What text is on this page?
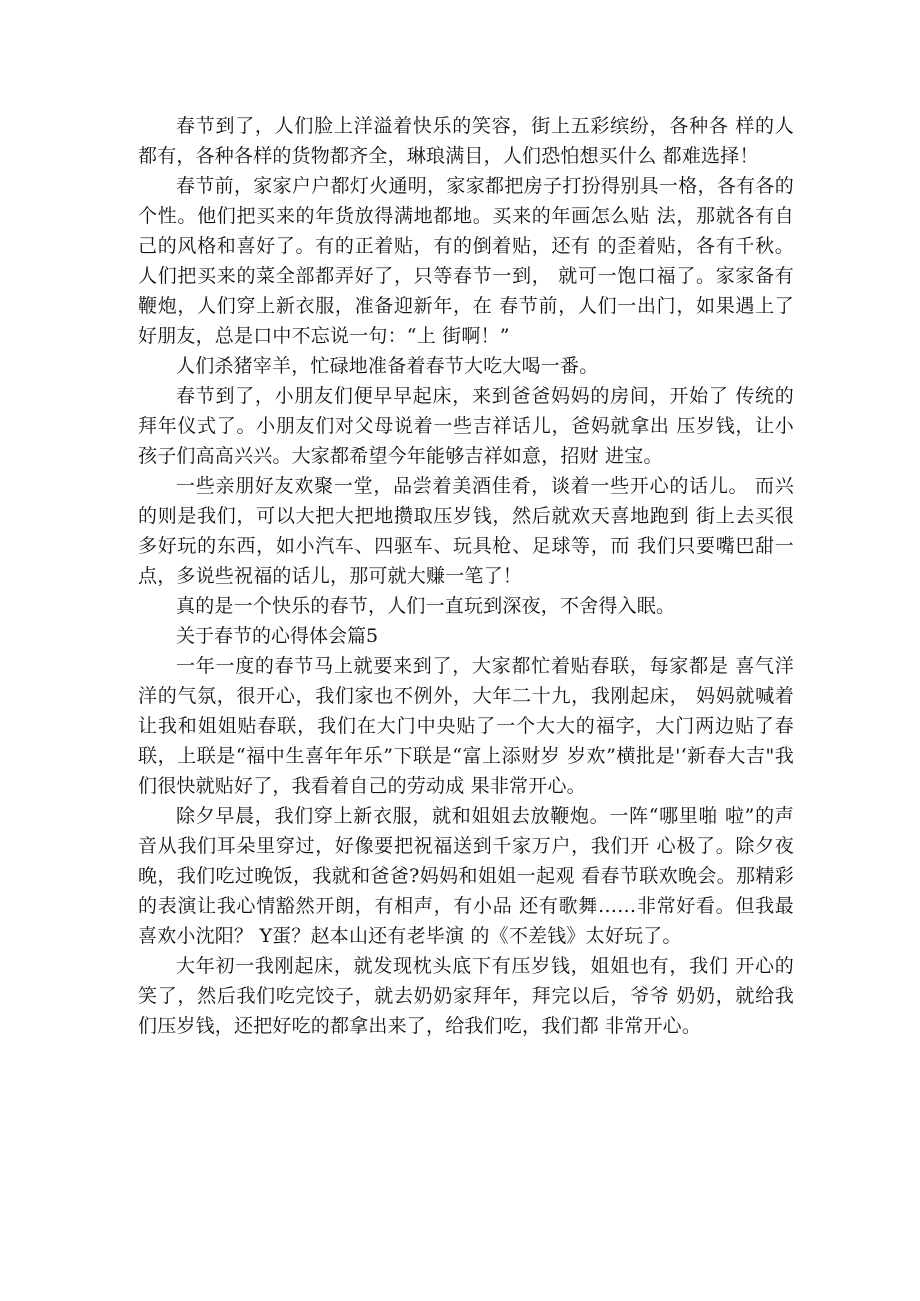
春节到了，人们脸上洋溢着快乐的笑容，街上五彩缤纷，各种各 样的人都有，各种各样的货物都齐全，琳琅满目，人们恐怕想买什么 都难选择！

春节前，家家户户都灯火通明，家家都把房子打扮得别具一格，各有各的个性。他们把买来的年货放得满地都地。买来的年画怎么贴 法，那就各有自己的风格和喜好了。有的正着贴，有的倒着贴，还有 的歪着贴，各有千秋。人们把买来的菜全部都弄好了，只等春节一到， 就可一饱口福了。家家备有鞭炮，人们穿上新衣服，准备迎新年，在 春节前，人们一出门，如果遇上了好朋友，总是口中不忘说一句：“上 街啊！”

人们杀猪宰羊，忙碌地准备着春节大吃大喝一番。

春节到了，小朋友们便早早起床，来到爸爸妈妈的房间，开始了 传统的拜年仪式了。小朋友们对父母说着一些吉祥话儿，爸妈就拿出 压岁钱，让小孩子们高高兴兴。大家都希望今年能够吉祥如意，招财 进宝。

一些亲朋好友欢聚一堂，品尝着美酒佳肴，谈着一些开心的话儿。 而兴的则是我们，可以大把大把地攒取压岁钱，然后就欢天喜地跑到 街上去买很多好玩的东西，如小汽车、四驱车、玩具枪、足球等，而 我们只要嘴巴甜一点，多说些祝福的话儿，那可就大赚一笔了！

真的是一个快乐的春节，人们一直玩到深夜，不舍得入眠。

关于春节的心得体会篇5

一年一度的春节马上就要来到了，大家都忙着贴春联，每家都是 喜气洋洋的气氛，很开心，我们家也不例外，大年二十九，我刚起床， 妈妈就喊着让我和姐姐贴春联，我们在大门中央贴了一个大大的福字，大门两边贴了春联，上联是“福中生喜年年乐”下联是“富上添财岁 岁欢”横批是'‘新春大吉"我们很快就贴好了，我看着自己的劳动成 果非常开心。

除夕早晨，我们穿上新衣服，就和姐姐去放鞭炮。一阵“哪里啪 啦”的声音从我们耳朵里穿过，好像要把祝福送到千家万户，我们开 心极了。除夕夜晚，我们吃过晚饭，我就和爸爸?妈妈和姐姐一起观 看春节联欢晚会。那精彩的表演让我心情豁然开朗，有相声，有小品 还有歌舞……非常好看。但我最喜欢小沈阳？ Y蛋？赵本山还有老毕演 的《不差钱》太好玩了。

大年初一我刚起床，就发现枕头底下有压岁钱，姐姐也有，我们 开心的笑了，然后我们吃完饺子，就去奶奶家拜年，拜完以后，爷爷 奶奶，就给我们压岁钱，还把好吃的都拿出来了，给我们吃，我们都 非常开心。
